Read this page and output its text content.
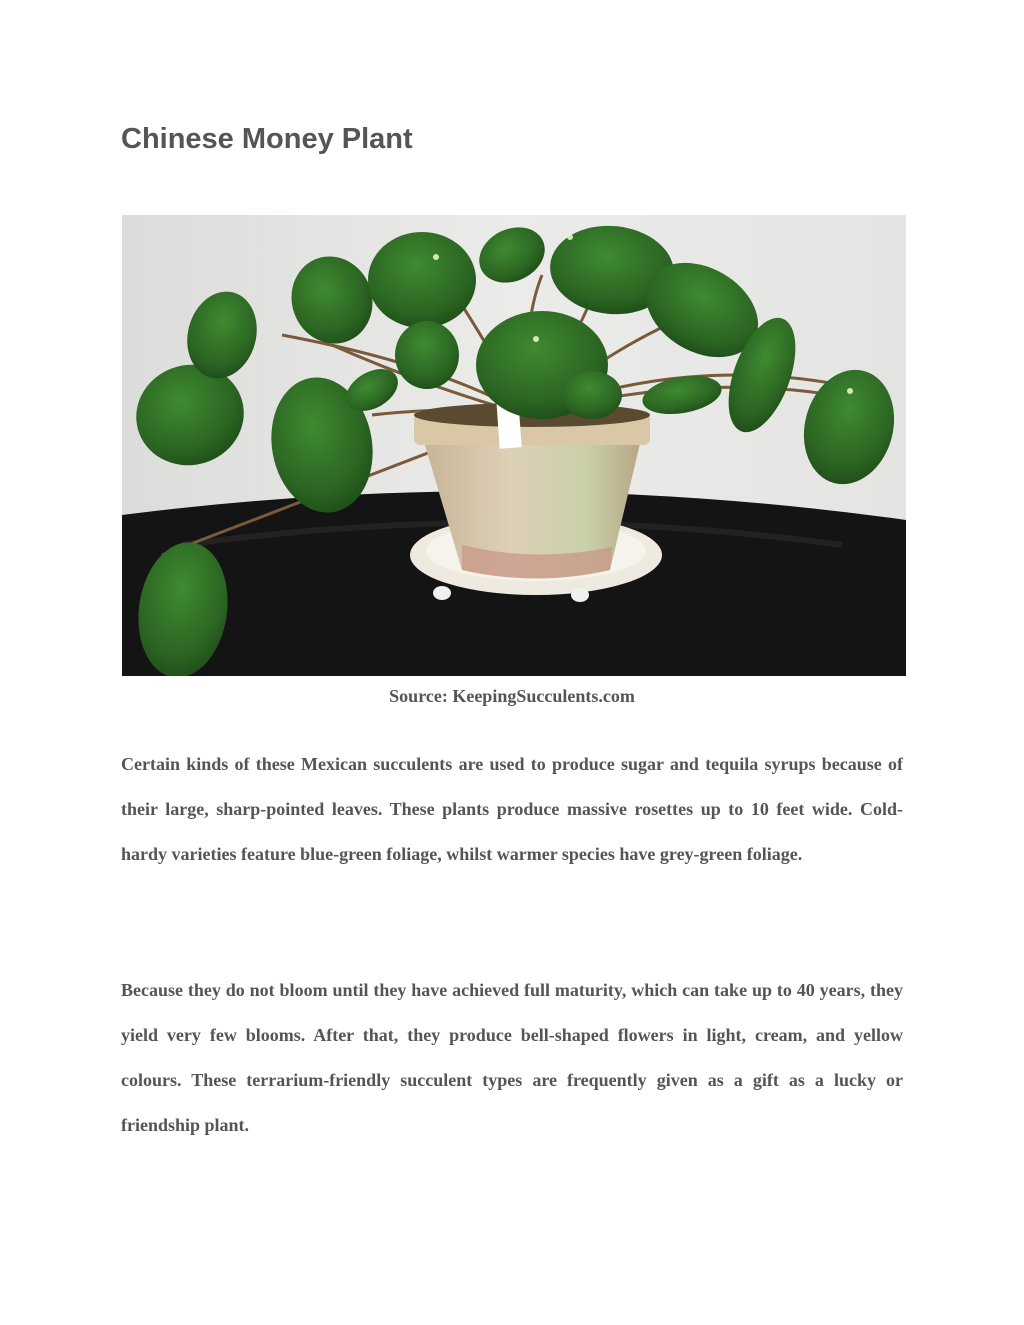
Chinese Money Plant
Source: KeepingSucculents.com

Certain kinds of these Mexican succulents are used to produce sugar and tequila syrups because of their large, sharp-pointed leaves. These plants produce massive rosettes up to 10 feet wide. Cold-hardy varieties feature blue-green foliage, whilst warmer species have grey-green foliage.

Because they do not bloom until they have achieved full maturity, which can take up to 40 years, they yield very few blooms. After that, they produce bell-shaped flowers in light, cream, and yellow colours. These terrarium-friendly succulent types are frequently given as a gift as a lucky or friendship plant.
